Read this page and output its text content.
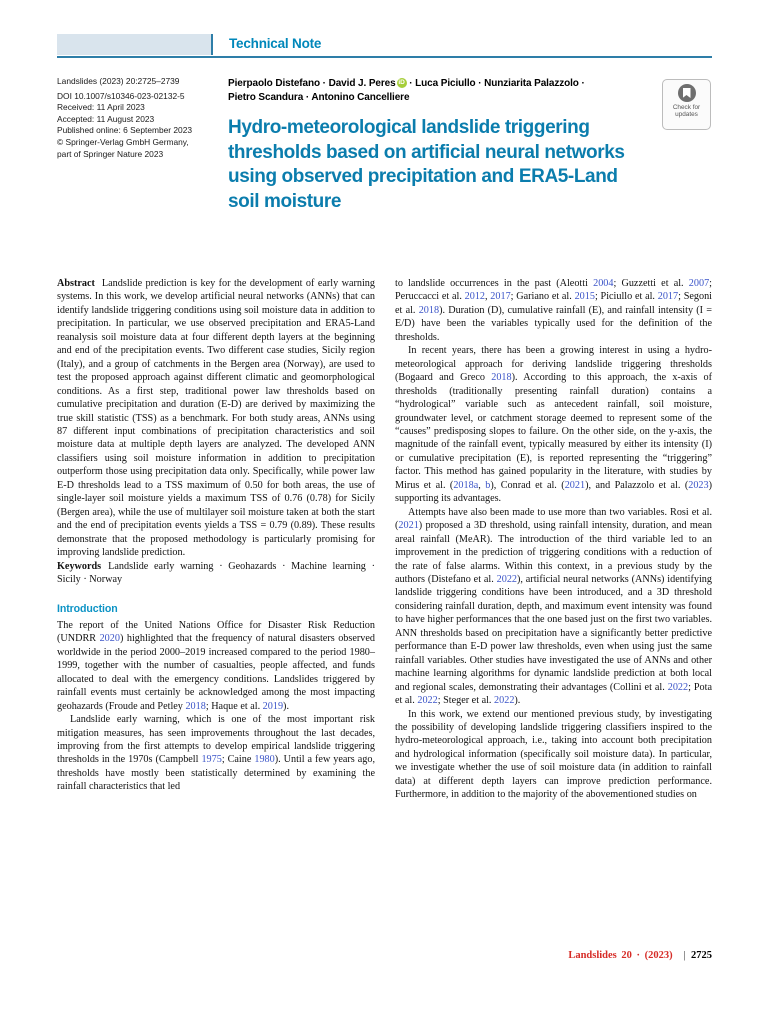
Technical Note
Landslides (2023) 20:2725–2739
DOI 10.1007/s10346-023-02132-5
Received: 11 April 2023
Accepted: 11 August 2023
Published online: 6 September 2023
© Springer-Verlag GmbH Germany,
part of Springer Nature 2023
Pierpaolo Distefano · David J. Peres iD · Luca Piciullo · Nunziarita Palazzolo ·
Pietro Scandura · Antonino Cancelliere
Hydro-meteorological landslide triggering
thresholds based on artificial neural networks
using observed precipitation and ERA5-Land
soil moisture
Check for
updates

Abstract Landslide prediction is key for the development of early warning systems. In this work, we develop artificial neural networks (ANNs) that can identify landslide triggering conditions using soil moisture data in addition to precipitation. In particular, we use observed precipitation and ERA5-Land reanalysis soil moisture data at four different depth layers at the beginning and end of the precipitation events. Two different case studies, Sicily region (Italy), and a group of catchments in the Bergen area (Norway), are used to test the proposed approach against different climatic and geomorphological conditions. As a first step, traditional power law thresholds based on cumulative precipitation and duration (E-D) are derived by maximizing the true skill statistic (TSS) as a benchmark. For both study areas, ANNs using 87 different input combinations of precipitation characteristics and soil moisture data at multiple depth layers are analyzed. The developed ANN classifiers using soil moisture information in addition to precipitation outperform those using precipitation data only. Specifically, while power law E-D thresholds lead to a TSS maximum of 0.50 for both areas, the use of single-layer soil moisture yields a maximum TSS of 0.76 (0.78) for Sicily (Bergen area), while the use of multilayer soil moisture taken at both the start and the end of precipitation events yields a TSS = 0.79 (0.89). These results demonstrate that the proposed methodology is particularly promising for improving landslide prediction.

Keywords Landslide early warning · Geohazards · Machine learning · Sicily · Norway

Introduction

The report of the United Nations Office for Disaster Risk Reduction (UNDRR 2020) highlighted that the frequency of natural disasters observed worldwide in the period 2000–2019 increased compared to the period 1980–1999, together with the number of casualties, people affected, and funds allocated to deal with the emergency conditions. Landslides triggered by rainfall events must certainly be acknowledged among the most impacting geohazards (Froude and Petley 2018; Haque et al. 2019).

Landslide early warning, which is one of the most important risk mitigation measures, has seen improvements throughout the last decades, improving from the first attempts to develop empirical landslide triggering thresholds in the 1970s (Campbell 1975; Caine 1980). Until a few years ago, thresholds have mostly been statistically determined by examining the rainfall characteristics that led

to landslide occurrences in the past (Aleotti 2004; Guzzetti et al. 2007; Peruccacci et al. 2012, 2017; Gariano et al. 2015; Piciullo et al. 2017; Segoni et al. 2018). Duration (D), cumulative rainfall (E), and rainfall intensity (I = E/D) have been the variables typically used for the definition of the thresholds.

In recent years, there has been a growing interest in using a hydro-meteorological approach for deriving landslide triggering thresholds (Bogaard and Greco 2018). According to this approach, the x-axis of thresholds (traditionally presenting rainfall duration) contains a “hydrological” variable such as antecedent rainfall, soil moisture, groundwater level, or catchment storage deemed to represent some of the “causes” predisposing slopes to failure. On the other side, on the y-axis, the magnitude of the rainfall event, typically measured by either its intensity (I) or cumulative precipitation (E), is reported representing the “triggering” factor. This method has gained popularity in the literature, with studies by Mirus et al. (2018a, b), Conrad et al. (2021), and Palazzolo et al. (2023) supporting its advantages.

Attempts have also been made to use more than two variables. Rosi et al. (2021) proposed a 3D threshold, using rainfall intensity, duration, and mean areal rainfall (MeAR). The introduction of the third variable led to an improvement in the prediction of triggering conditions with a reduction of the rate of false alarms. Within this context, in a previous study by the authors (Distefano et al. 2022), artificial neural networks (ANNs) identifying landslide triggering conditions have been introduced, and a 3D threshold considering rainfall duration, depth, and maximum event intensity was found to have higher performances that the one based just on the first two variables. ANN thresholds based on precipitation have a significantly better predictive performance than E-D power law thresholds, even when using just the same rainfall variables. Other studies have investigated the use of ANNs and other machine learning algorithms for dynamic landslide prediction at both local and regional scales, demonstrating their advantages (Collini et al. 2022; Pota et al. 2022; Steger et al. 2022).

In this work, we extend our mentioned previous study, by investigating the possibility of developing landslide triggering classifiers inspired to the hydro-meteorological approach, i.e., taking into account both precipitation and hydrological information (specifically soil moisture data). In particular, we investigate whether the use of soil moisture data (in addition to rainfall data) at different depth layers can improve prediction performance. Furthermore, in addition to the majority of the abovementioned studies on

Landslides 20 · (2023) | 2725
